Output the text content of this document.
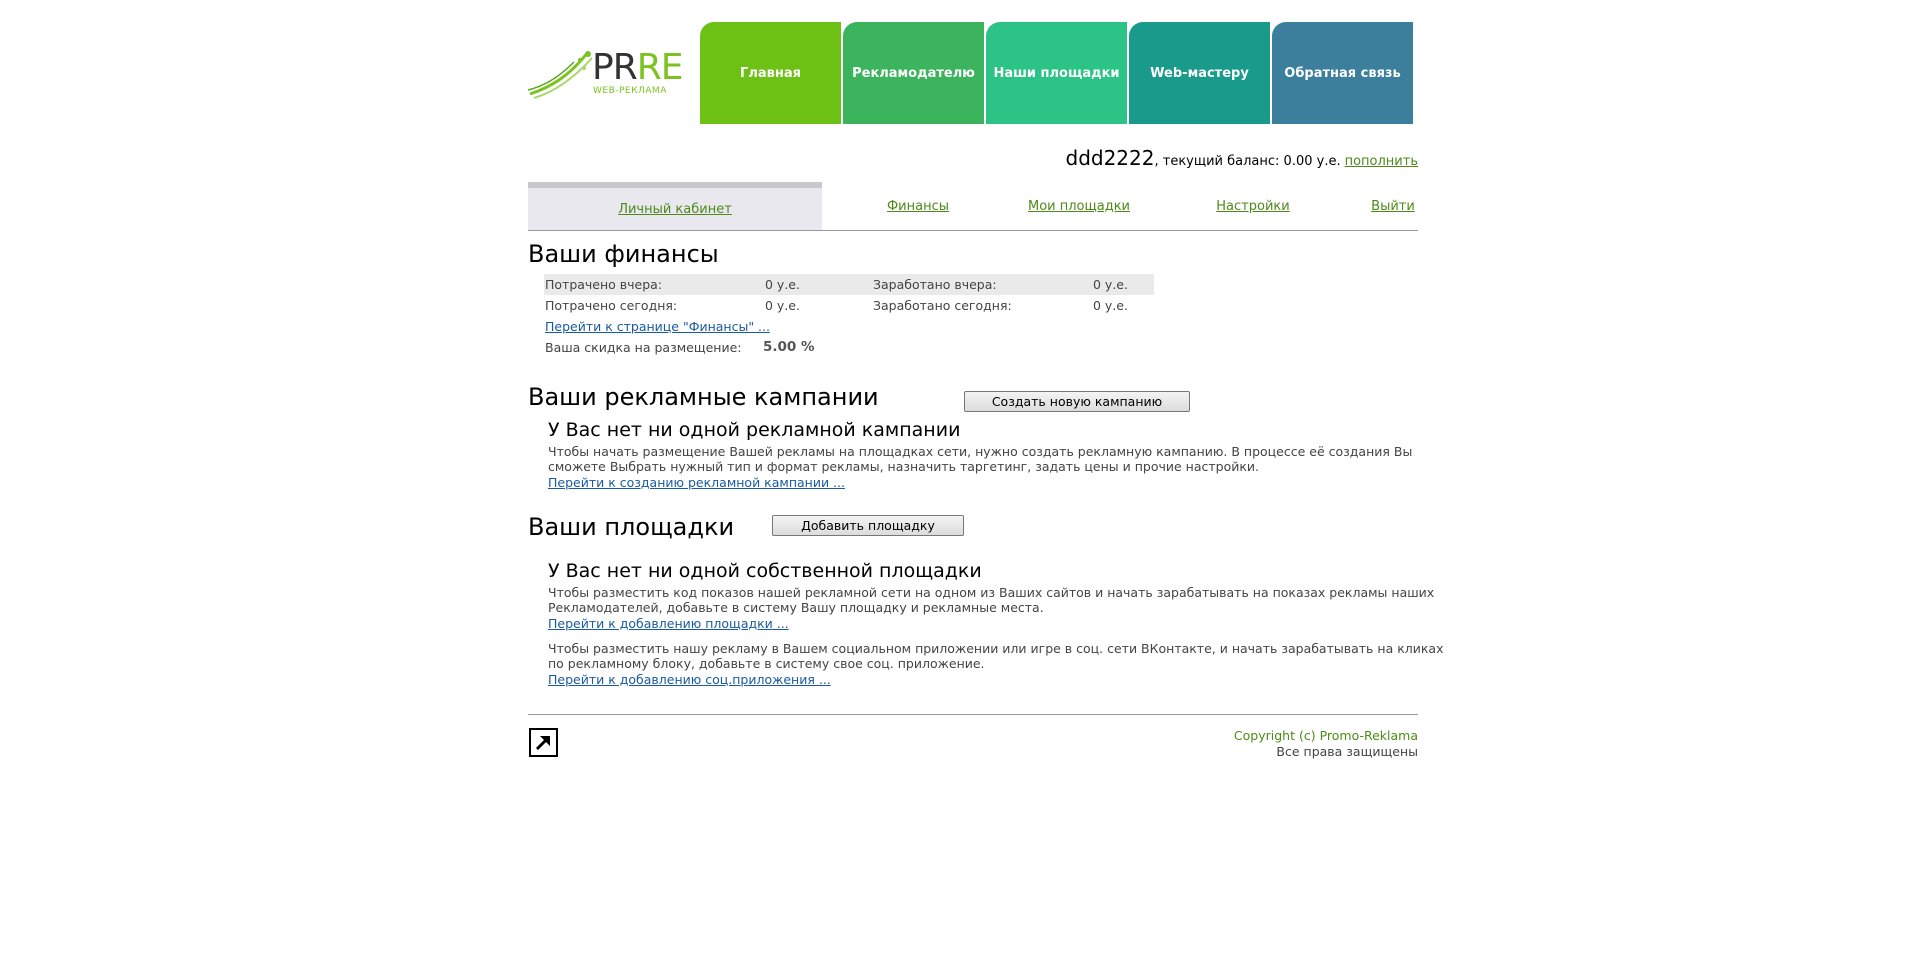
PRRE
WEB-РЕКЛАМА
Главная	Рекламодателю Наши площадки Web-мастеру	Обратная связь
ddd2222, текущий баланс: 0.00 у.е. пополнить
Личный кабинет	Финансы	Мои площадки	Настройки	Выйти
Ваши финансы
Потрачено вчера:	0 у.е.	Заработано вчера:	0 у.е.
Потрачено сегодня:	0 у.е.	Заработано сегодня:	0 у.е.
Перейти к странице "Финансы" ...
Ваша скидка на размещение: 5.00 %
Ваши рекламные кампании	Создать новую кампанию
У Вас нет ни одной рекламной кампании
Чтобы начать размещение Вашей рекламы на площадках сети, нужно создать рекламную кампанию. В процессе её создания Вы
сможете Выбрать нужный тип и формат рекламы, назначить таргетинг, задать цены и прочие настройки.
Перейти к созданию рекламной кампании ...
Ваши площадки	Добавить площадку
У Вас нет ни одной собственной площадки
Чтобы разместить код показов нашей рекламной сети на одном из Ваших сайтов и начать зарабатывать на показах рекламы наших
Рекламодателей, добавьте в систему Вашу площадку и рекламные места.
Перейти к добавлению площадки ...
Чтобы разместить нашу рекламу в Вашем социальном приложении или игре в соц. сети ВКонтакте, и начать зарабатывать на кликах
по рекламному блоку, добавьте в систему свое соц. приложение.
Перейти к добавлению соц.приложения ...
Copyright (c) Promo-Reklama
Все права защищены
